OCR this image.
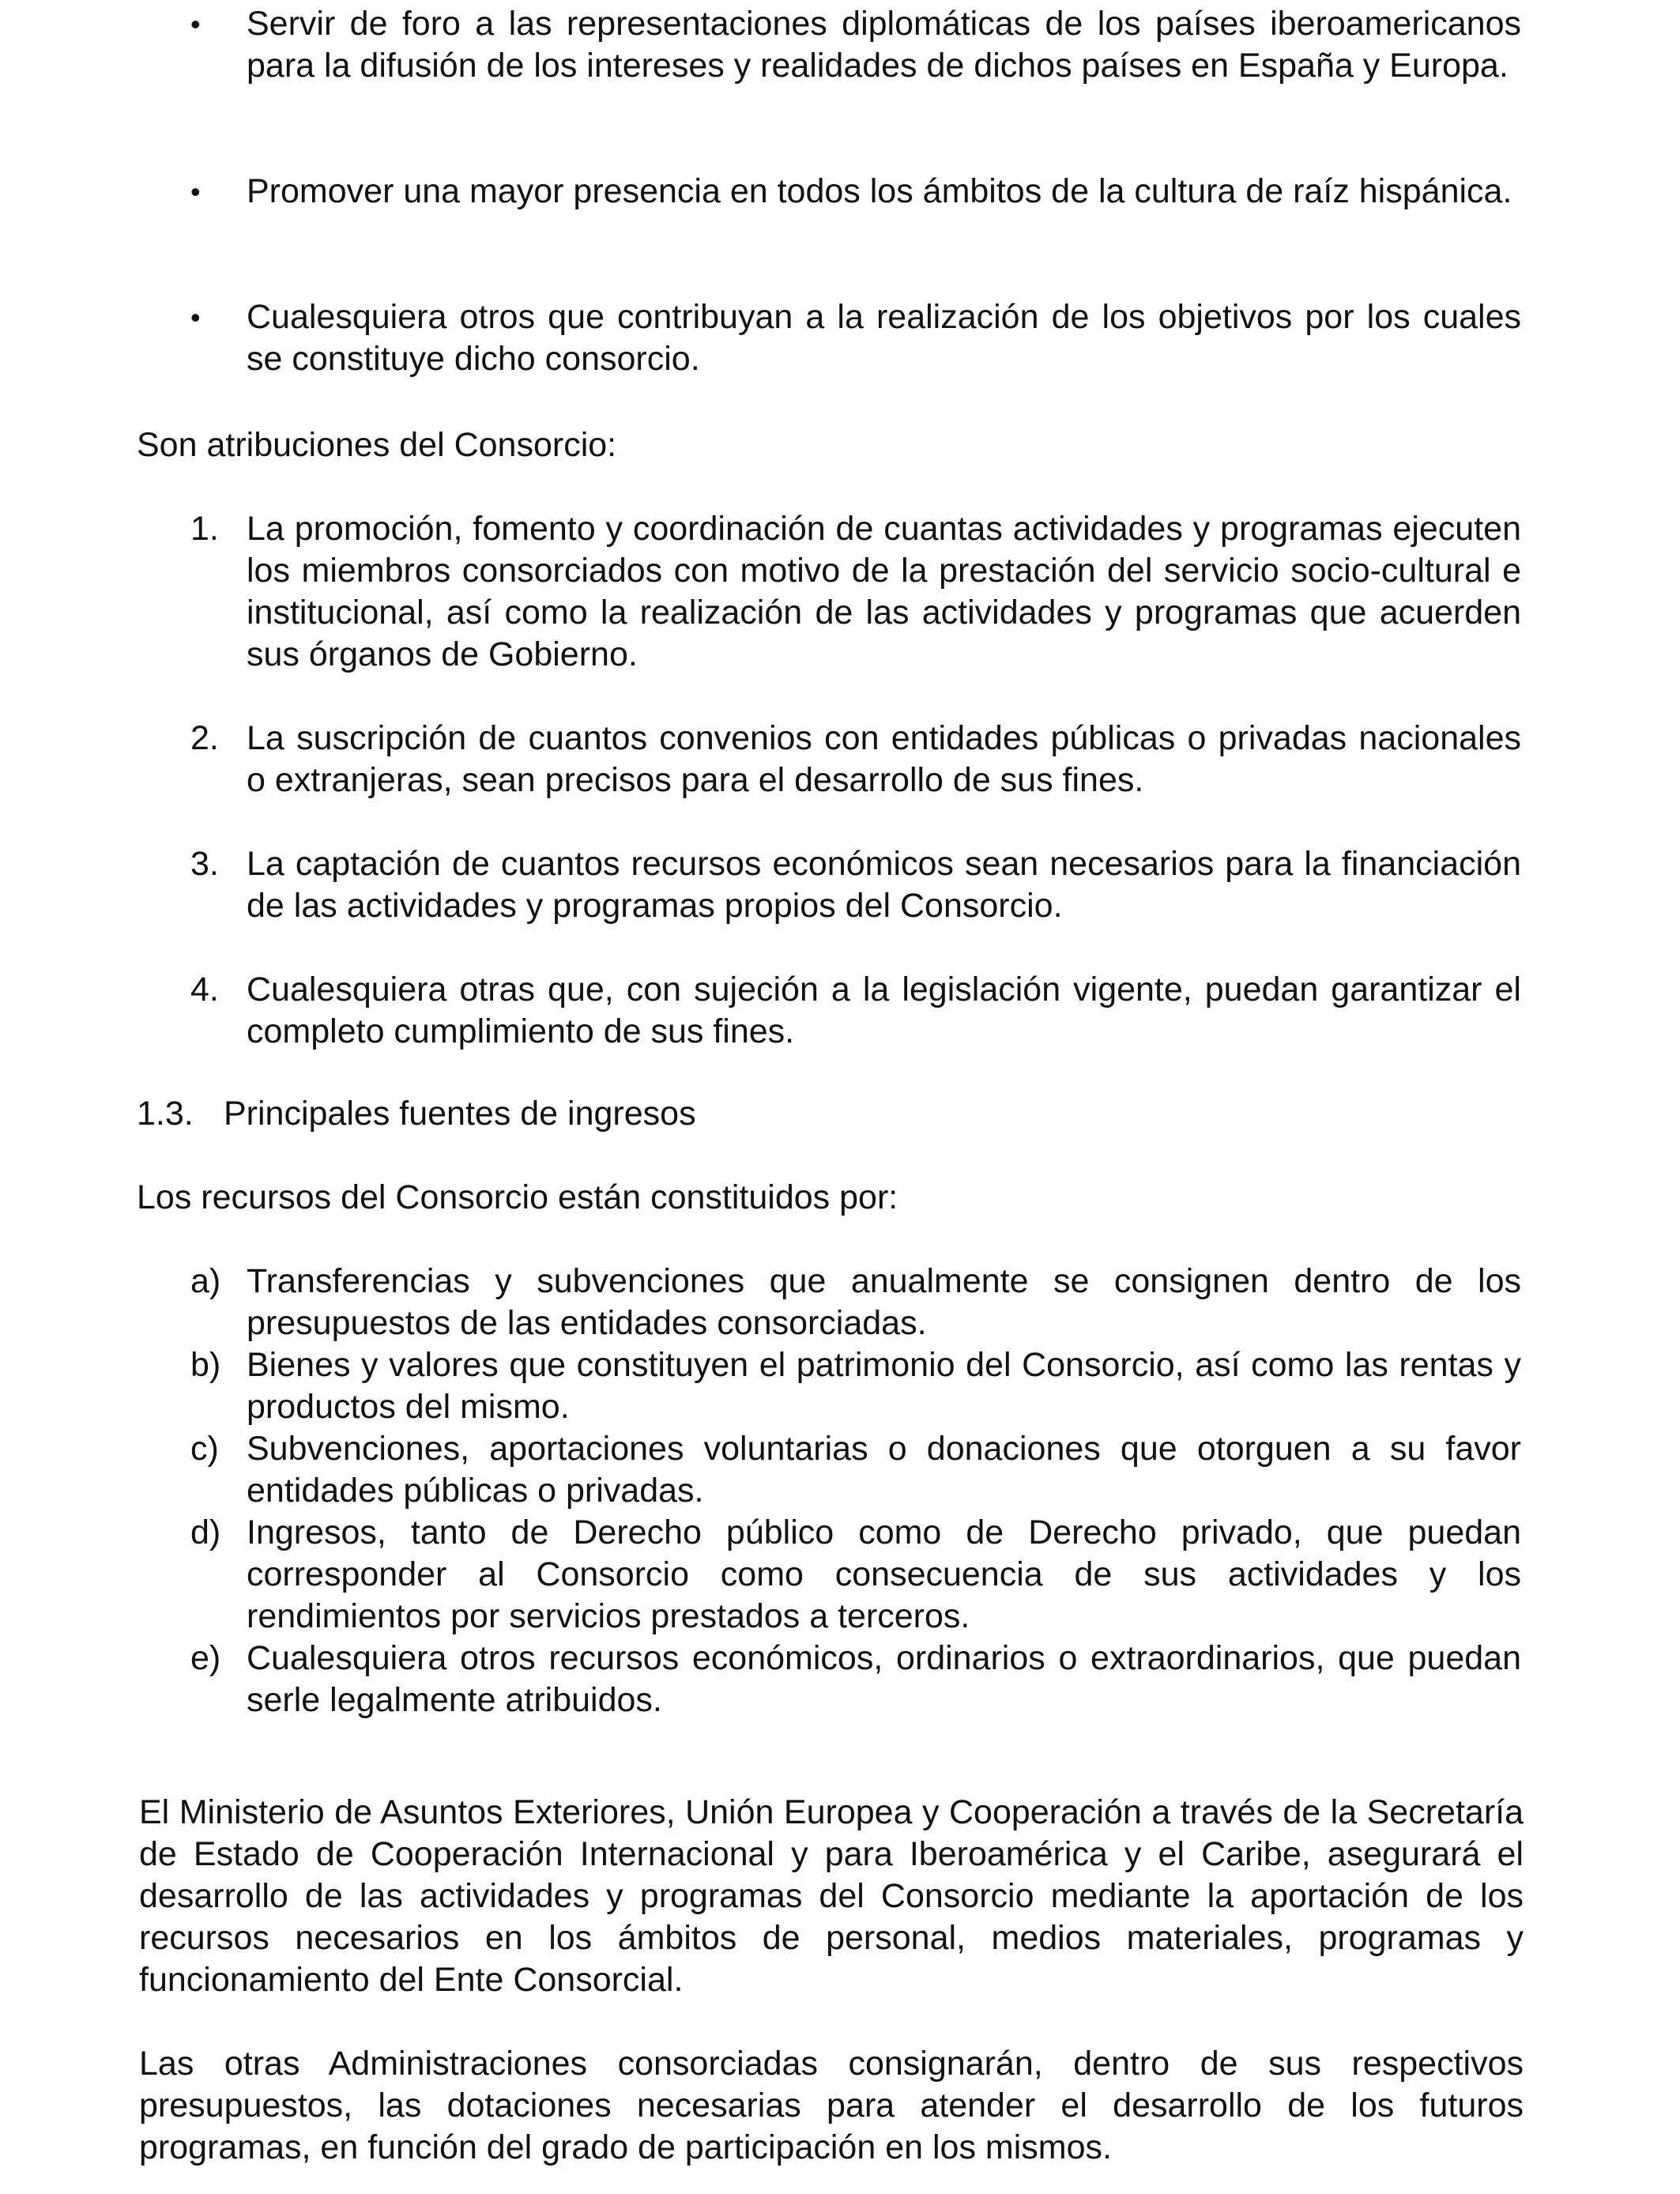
• Servir de foro a las representaciones diplomáticas de los países iberoamericanos para la difusión de los intereses y realidades de dichos países en España y Europa.
• Promover una mayor presencia en todos los ámbitos de la cultura de raíz hispánica.
• Cualesquiera otros que contribuyan a la realización de los objetivos por los cuales se constituye dicho consorcio.
Son atribuciones del Consorcio:
1. La promoción, fomento y coordinación de cuantas actividades y programas ejecuten los miembros consorciados con motivo de la prestación del servicio socio-cultural e institucional, así como la realización de las actividades y programas que acuerden sus órganos de Gobierno.
2. La suscripción de cuantos convenios con entidades públicas o privadas nacionales o extranjeras, sean precisos para el desarrollo de sus fines.
3. La captación de cuantos recursos económicos sean necesarios para la financiación de las actividades y programas propios del Consorcio.
4. Cualesquiera otras que, con sujeción a la legislación vigente, puedan garantizar el completo cumplimiento de sus fines.
1.3. Principales fuentes de ingresos
Los recursos del Consorcio están constituidos por:
a) Transferencias y subvenciones que anualmente se consignen dentro de los presupuestos de las entidades consorciadas.
b) Bienes y valores que constituyen el patrimonio del Consorcio, así como las rentas y productos del mismo.
c) Subvenciones, aportaciones voluntarias o donaciones que otorguen a su favor entidades públicas o privadas.
d) Ingresos, tanto de Derecho público como de Derecho privado, que puedan corresponder al Consorcio como consecuencia de sus actividades y los rendimientos por servicios prestados a terceros.
e) Cualesquiera otros recursos económicos, ordinarios o extraordinarios, que puedan serle legalmente atribuidos.
El Ministerio de Asuntos Exteriores, Unión Europea y Cooperación a través de la Secretaría de Estado de Cooperación Internacional y para Iberoamérica y el Caribe, asegurará el desarrollo de las actividades y programas del Consorcio mediante la aportación de los recursos necesarios en los ámbitos de personal, medios materiales, programas y funcionamiento del Ente Consorcial.
Las otras Administraciones consorciadas consignarán, dentro de sus respectivos presupuestos, las dotaciones necesarias para atender el desarrollo de los futuros programas, en función del grado de participación en los mismos.
